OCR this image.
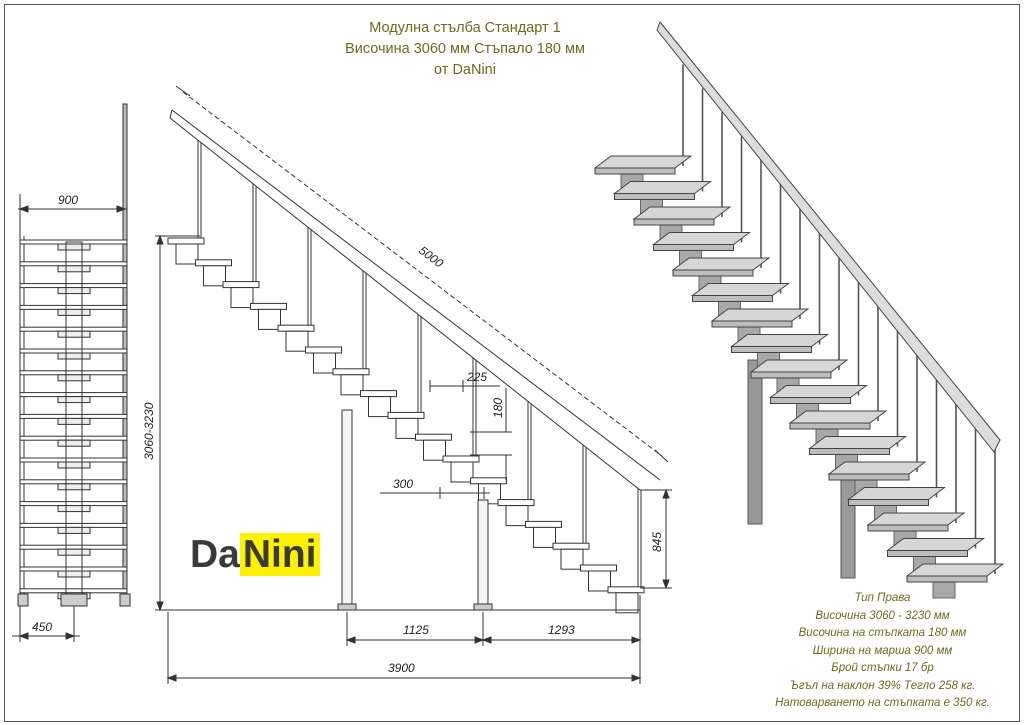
Модулна стълба Стандарт 1
Височина 3060 мм Стъпало 180 мм
от DaNini
900
450
3060-3230
5000
225
180
300
845
1125	1293
3900
DaNini
Тип Права
Височина 3060 - 3230 мм
Височина на стъпката 180 мм
Ширина на марша 900 мм
Брой стъпки 17 бр
Ъгъл на наклон 39% Тегло 258 кг.
Натоварването на стъпката е 350 кг.
